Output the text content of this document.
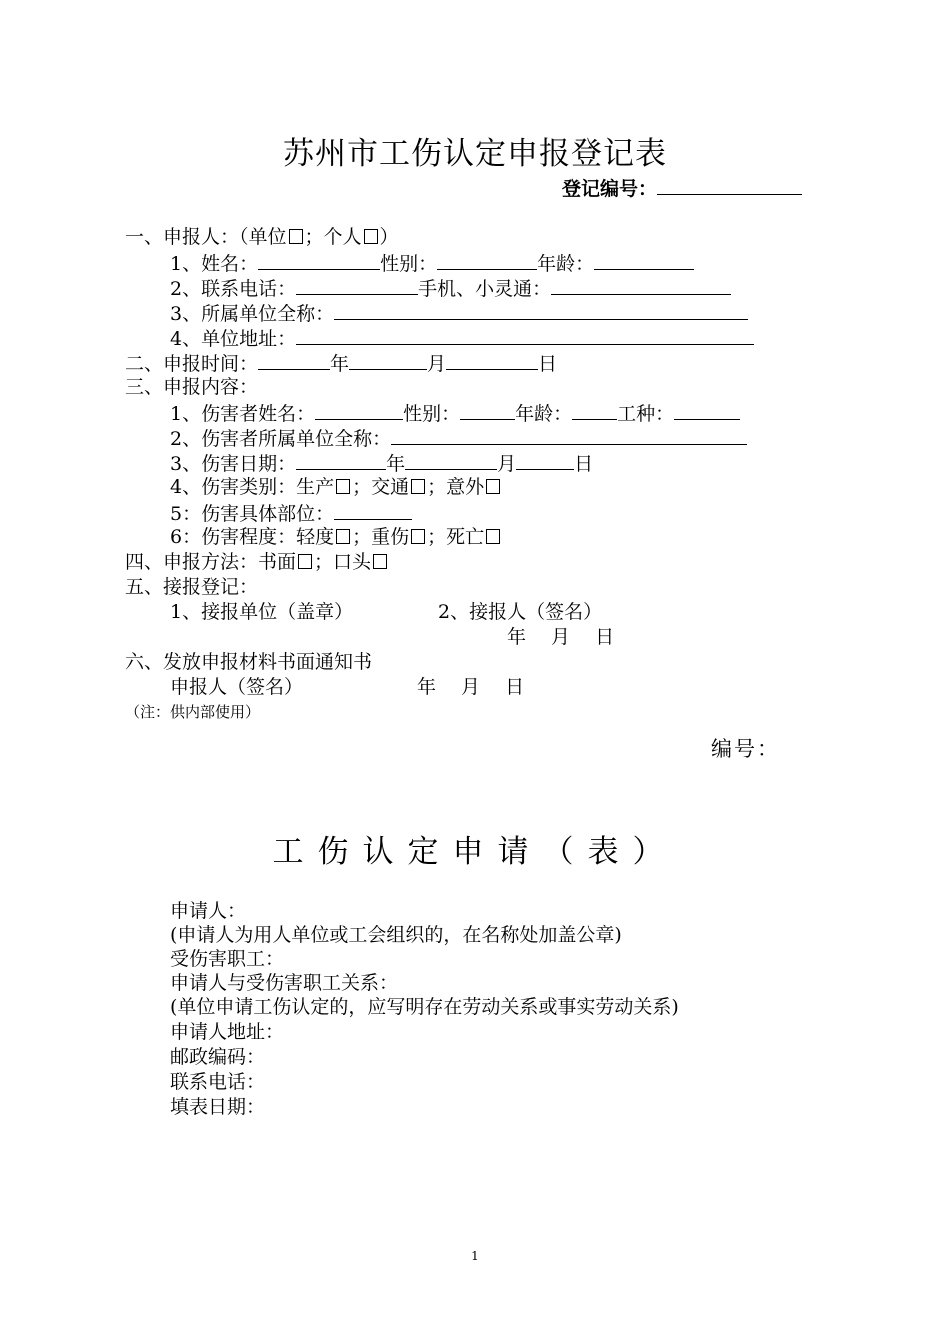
苏州市工伤认定申报登记表
登记编号：
一、申报人：（单位 ；个人 ）
1、姓名：	性别：	年龄：
2、联系电话：	手机、小灵通：
3、所属单位全称：
4、单位地址：
二、申报时间：	年	月	日
三、申报内容：
1、伤害者姓名：	性别：	年龄： 工种：
2、伤害者所属单位全称：
3、伤害日期：	年	月	日
4、伤害类别：生产 ；交通 ；意外
5：伤害具体部位：
6：伤害程度：轻度 ；重伤 ；死亡
四、申报方法：书面 ；口头
五、接报登记：
1、接报单位（盖章）	2、接报人（签名）
年　 月　 日
六、发放申报材料书面通知书
申报人（签名）	年　 月　 日
（注：供内部使用）
编号：
工伤认定申请（表）
申请人：
(申请人为用人单位或工会组织的，在名称处加盖公章)
受伤害职工：
申请人与受伤害职工关系：
(单位申请工伤认定的，应写明存在劳动关系或事实劳动关系)
申请人地址：
邮政编码：
联系电话：
填表日期：
1
